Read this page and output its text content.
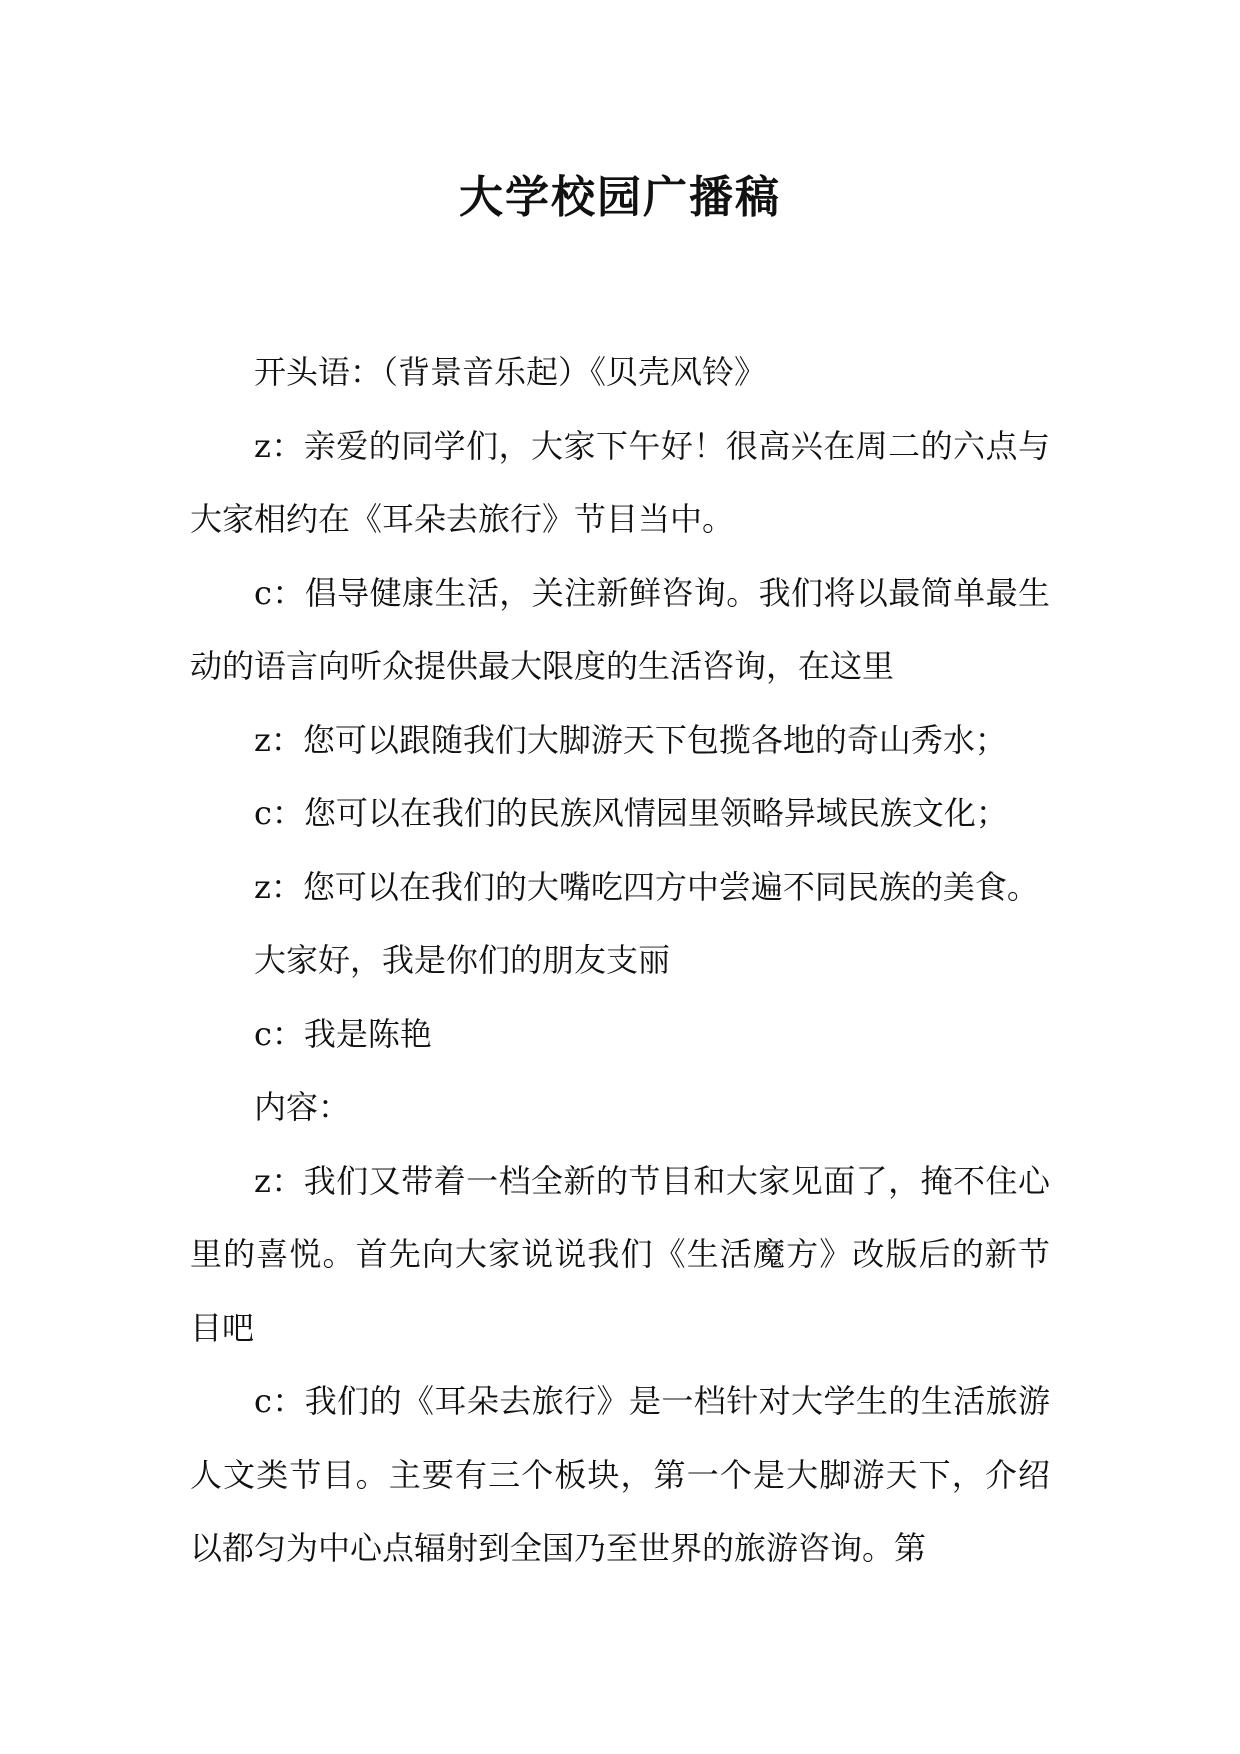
大学校园广播稿

开头语：（背景音乐起）《贝壳风铃》

z：亲爱的同学们，大家下午好！很高兴在周二的六点与大家相约在《耳朵去旅行》节目当中。

c：倡导健康生活，关注新鲜咨询。我们将以最简单最生动的语言向听众提供最大限度的生活咨询，在这里

z：您可以跟随我们大脚游天下包揽各地的奇山秀水；

c：您可以在我们的民族风情园里领略异域民族文化；

z：您可以在我们的大嘴吃四方中尝遍不同民族的美食。

大家好，我是你们的朋友支丽

c：我是陈艳

内容：

z：我们又带着一档全新的节目和大家见面了，掩不住心里的喜悦。首先向大家说说我们《生活魔方》改版后的新节目吧

c：我们的《耳朵去旅行》是一档针对大学生的生活旅游人文类节目。主要有三个板块，第一个是大脚游天下，介绍以都匀为中心点辐射到全国乃至世界的旅游咨询。第
